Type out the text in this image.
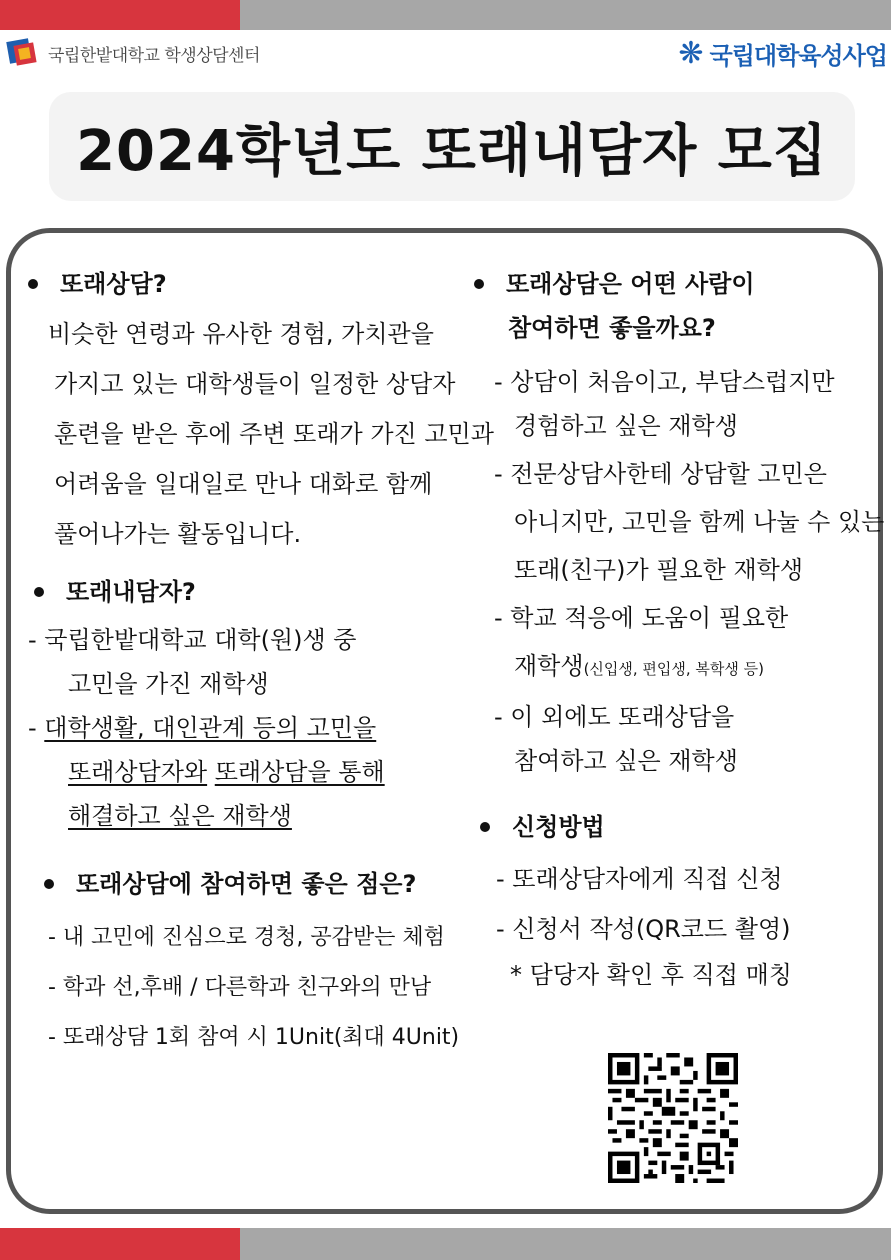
국립한밭대학교 학생상담센터	❋ 국립대학육성사업
2024학년도 또래내담자 모집
또래상담?
비슷한 연령과 유사한 경험, 가치관을
가지고 있는 대학생들이 일정한 상담자
훈련을 받은 후에 주변 또래가 가진 고민과
어려움을 일대일로 만나 대화로 함께
풀어나가는 활동입니다.
또래내담자?
- 국립한밭대학교 대학(원)생 중
고민을 가진 재학생
- 대학생활, 대인관계 등의 고민을
또래상담자와 또래상담을 통해
해결하고 싶은 재학생
또래상담에 참여하면 좋은 점은?
- 내 고민에 진심으로 경청, 공감받는 체험
- 학과 선,후배 / 다른학과 친구와의 만남
- 또래상담 1회 참여 시 1Unit(최대 4Unit)
또래상담은 어떤 사람이
참여하면 좋을까요?
- 상담이 처음이고, 부담스럽지만
경험하고 싶은 재학생
- 전문상담사한테 상담할 고민은
아니지만, 고민을 함께 나눌 수 있는
또래(친구)가 필요한 재학생
- 학교 적응에 도움이 필요한
재학생(신입생, 편입생, 복학생 등)
- 이 외에도 또래상담을
참여하고 싶은 재학생
신청방법
- 또래상담자에게 직접 신청
- 신청서 작성(QR코드 촬영)
* 담당자 확인 후 직접 매칭
